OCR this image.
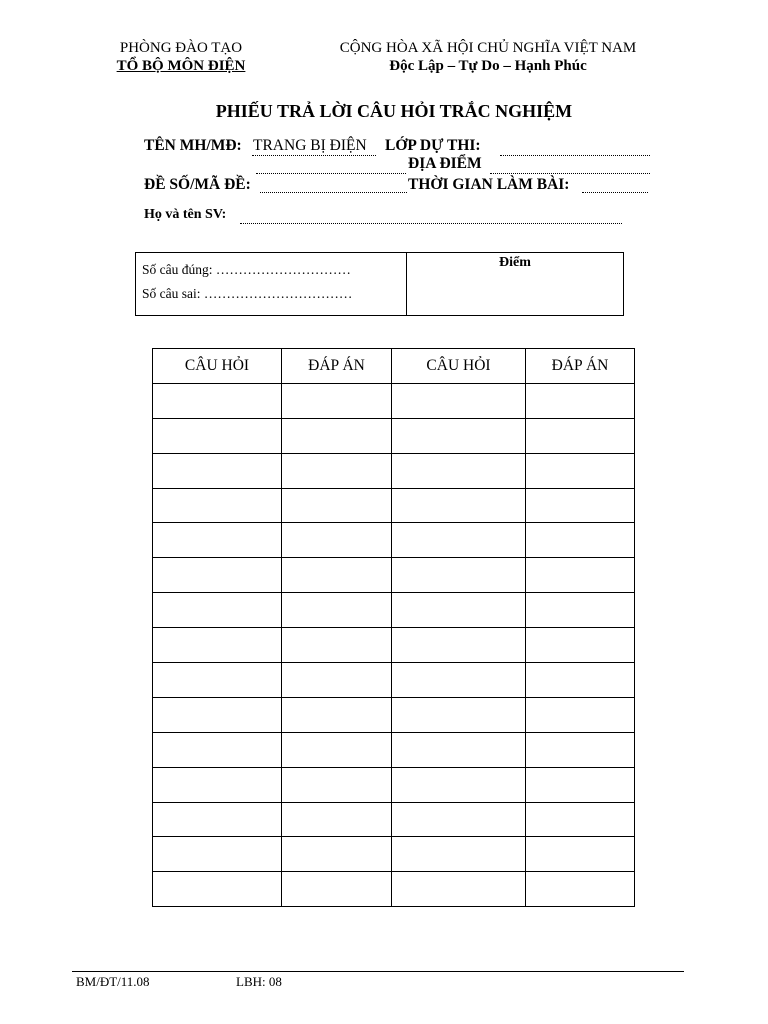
PHÒNG ĐÀO TẠO
TỔ BỘ MÔN ĐIỆN
CỘNG HÒA XÃ HỘI CHỦ NGHĨA VIỆT NAM
Độc Lập – Tự Do – Hạnh Phúc
PHIẾU TRẢ LỜI CÂU HỎI TRẮC NGHIỆM
TÊN MH/MĐ: TRANG BỊ ĐIỆN LỚP DỰ THI:
ĐỊA ĐIỂM
ĐỀ SỐ/MÃ ĐỀ:	THỜI GIAN LÀM BÀI:
Họ và tên SV:
Số câu đúng: …………………………
Số câu sai: ……………………………
Điểm
CÂU HỎI	ĐÁP ÁN	CÂU HỎI	ĐÁP ÁN

BM/ĐT/11.08	LBH: 08
